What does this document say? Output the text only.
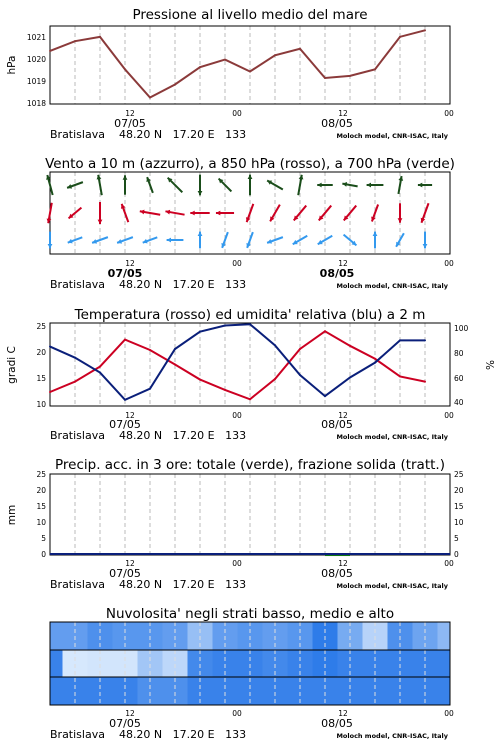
Pressione al livello medio del mare
1021
1020
1019
1018
hPa
12	00	12	00
07/05	08/05
Bratislava    48.20 N   17.20 E   133	Moloch model, CNR-ISAC, Italy
Vento a 10 m (azzurro), a 850 hPa (rosso), a 700 hPa (verde)
12	00	12	00
07/05	08/05
Bratislava    48.20 N   17.20 E   133	Moloch model, CNR-ISAC, Italy
Temperatura (rosso) ed umidita' relativa (blu) a 2 m
25
20
15
10
100
80
60
40
gradi C	%
12	00	12	00
07/05	08/05
Bratislava    48.20 N   17.20 E   133	Moloch model, CNR-ISAC, Italy
Precip. acc. in 3 ore: totale (verde), frazione solida (tratt.)
25
20
15
10
5
0
25
20
15
10
5
0
mm
12	00	12	00
07/05	08/05
Bratislava    48.20 N   17.20 E   133	Moloch model, CNR-ISAC, Italy
Nuvolosita' negli strati basso, medio e alto
12	00	12	00
07/05	08/05
Bratislava    48.20 N   17.20 E   133	Moloch model, CNR-ISAC, Italy
